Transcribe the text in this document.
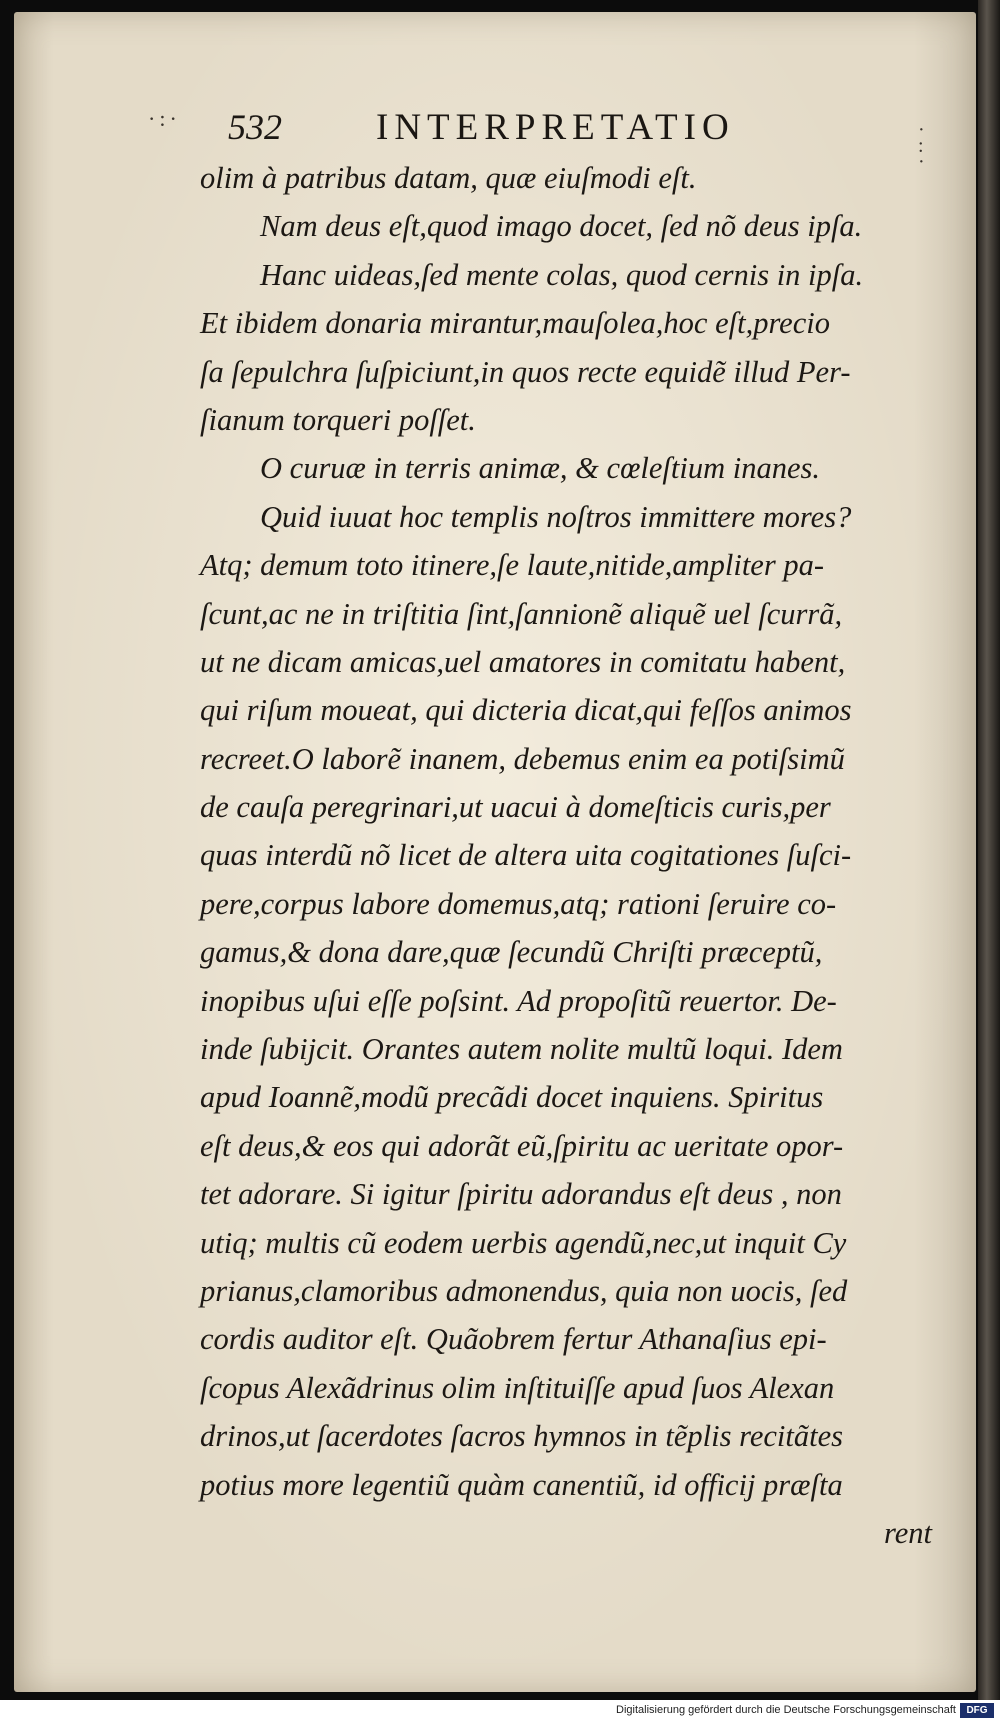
·:·	·
:
·
532	INTERPRETATIO
olim à patribus datam, quæ eiuſmodi eſt.
Nam deus eſt,quod imago docet, ſed nõ deus ipſa.
Hanc uideas,ſed mente colas, quod cernis in ipſa.
Et ibidem donaria mirantur,mauſolea,hoc eſt,precio
ſa ſepulchra ſuſpiciunt,in quos recte equidẽ illud Per-
ſianum torqueri poſſet.
O curuæ in terris animæ, & cœleſtium inanes.
Quid iuuat hoc templis noſtros immittere mores?
Atq; demum toto itinere,ſe laute,nitide,ampliter pa-
ſcunt,ac ne in triſtitia ſint,ſannionẽ aliquẽ uel ſcurrã,
ut ne dicam amicas,uel amatores in comitatu habent,
qui riſum moueat, qui dicteria dicat,qui feſſos animos
recreet.O laborẽ inanem, debemus enim ea potiſsimũ
de cauſa peregrinari,ut uacui à domeſticis curis,per
quas interdũ nõ licet de altera uita cogitationes ſuſci-
pere,corpus labore domemus,atq; rationi ſeruire co-
gamus,& dona dare,quæ ſecundũ Chriſti præceptũ,
inopibus uſui eſſe poſsint. Ad propoſitũ reuertor. De-
inde ſubijcit. Orantes autem nolite multũ loqui. Idem
apud Ioannẽ,modũ precãdi docet inquiens. Spiritus
eſt deus,& eos qui adorãt eũ,ſpiritu ac ueritate opor-
tet adorare. Si igitur ſpiritu adorandus eſt deus , non
utiq; multis cũ eodem uerbis agendũ,nec,ut inquit Cy
prianus,clamoribus admonendus, quia non uocis, ſed
cordis auditor eſt. Quãobrem fertur Athanaſius epi-
ſcopus Alexãdrinus olim inſtituiſſe apud ſuos Alexan
drinos,ut ſacerdotes ſacros hymnos in tẽplis recitãtes
potius more legentiũ quàm canentiũ, id officij præſta
rent
Digitalisierung gefördert durch die Deutsche Forschungsgemeinschaft	DFG
